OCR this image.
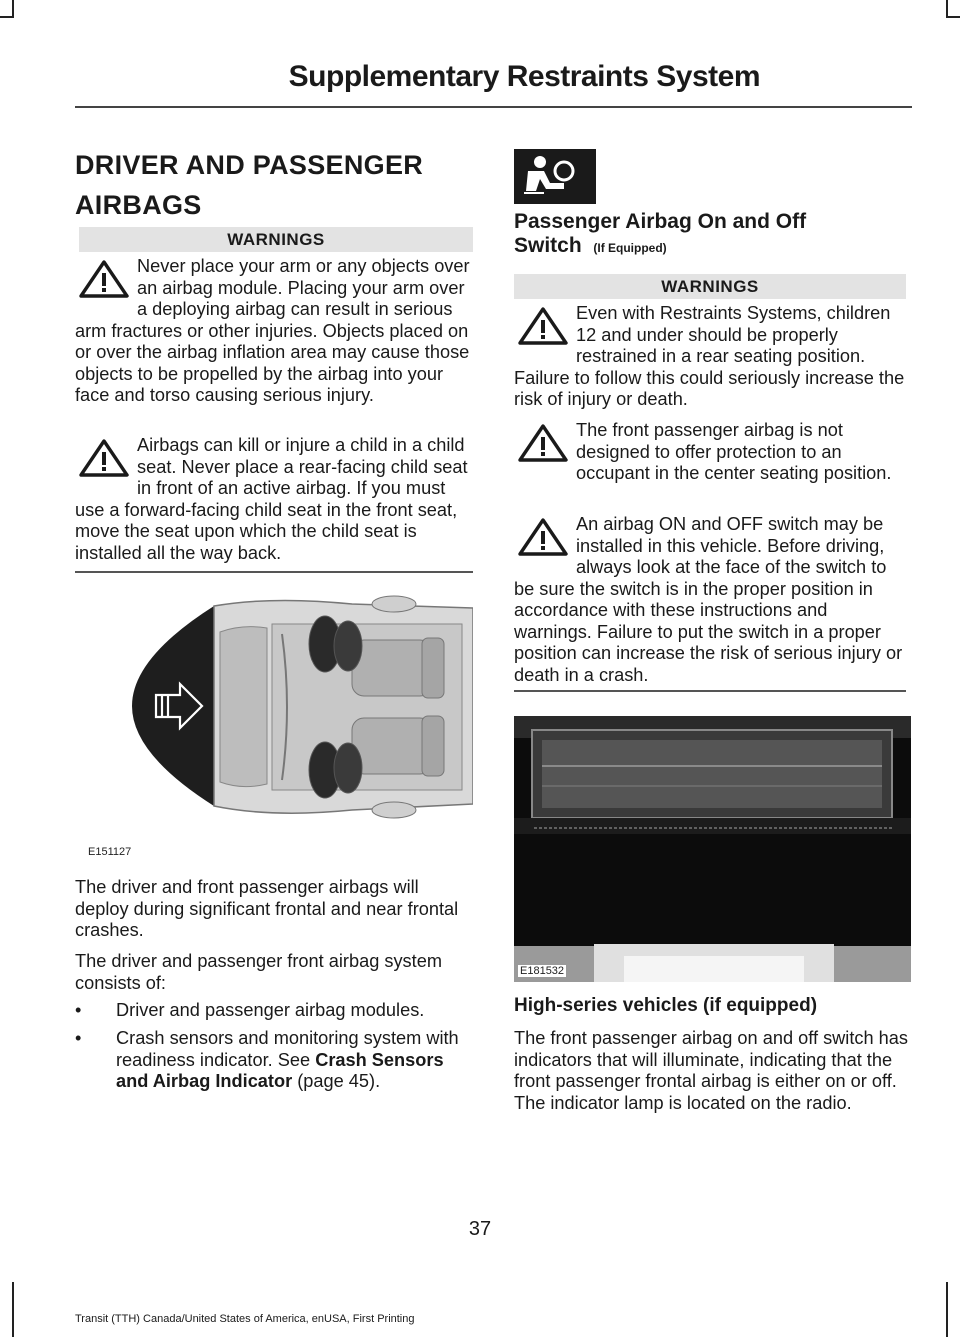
Supplementary Restraints System
DRIVER AND PASSENGER
AIRBAGS
WARNINGS
Never place your arm or any objects over an airbag module. Placing your arm over a deploying airbag can result in serious arm fractures or other injuries. Objects placed on or over the airbag inflation area may cause those objects to be propelled by the airbag into your face and torso causing serious injury.
Airbags can kill or injure a child in a child seat. Never place a rear-facing child seat in front of an active airbag. If you must use a forward-facing child seat in the front seat, move the seat upon which the child seat is installed all the way back.
E151127
The driver and front passenger airbags will deploy during significant frontal and near frontal crashes.
The driver and passenger front airbag system consists of:
• Driver and passenger airbag modules.
• Crash sensors and monitoring system with readiness indicator. See Crash Sensors and Airbag Indicator (page 45).
Passenger Airbag On and Off
Switch (If Equipped)
WARNINGS
Even with Restraints Systems, children 12 and under should be properly restrained in a rear seating position. Failure to follow this could seriously increase the risk of injury or death.
The front passenger airbag is not designed to offer protection to an occupant in the center seating position.
An airbag ON and OFF switch may be installed in this vehicle. Before driving, always look at the face of the switch to be sure the switch is in the proper position in accordance with these instructions and warnings. Failure to put the switch in a proper position can increase the risk of serious injury or death in a crash.
E181532
High-series vehicles (if equipped)
The front passenger airbag on and off switch has indicators that will illuminate, indicating that the front passenger frontal airbag is either on or off. The indicator lamp is located on the radio.
37
Transit (TTH) Canada/United States of America, enUSA, First Printing
